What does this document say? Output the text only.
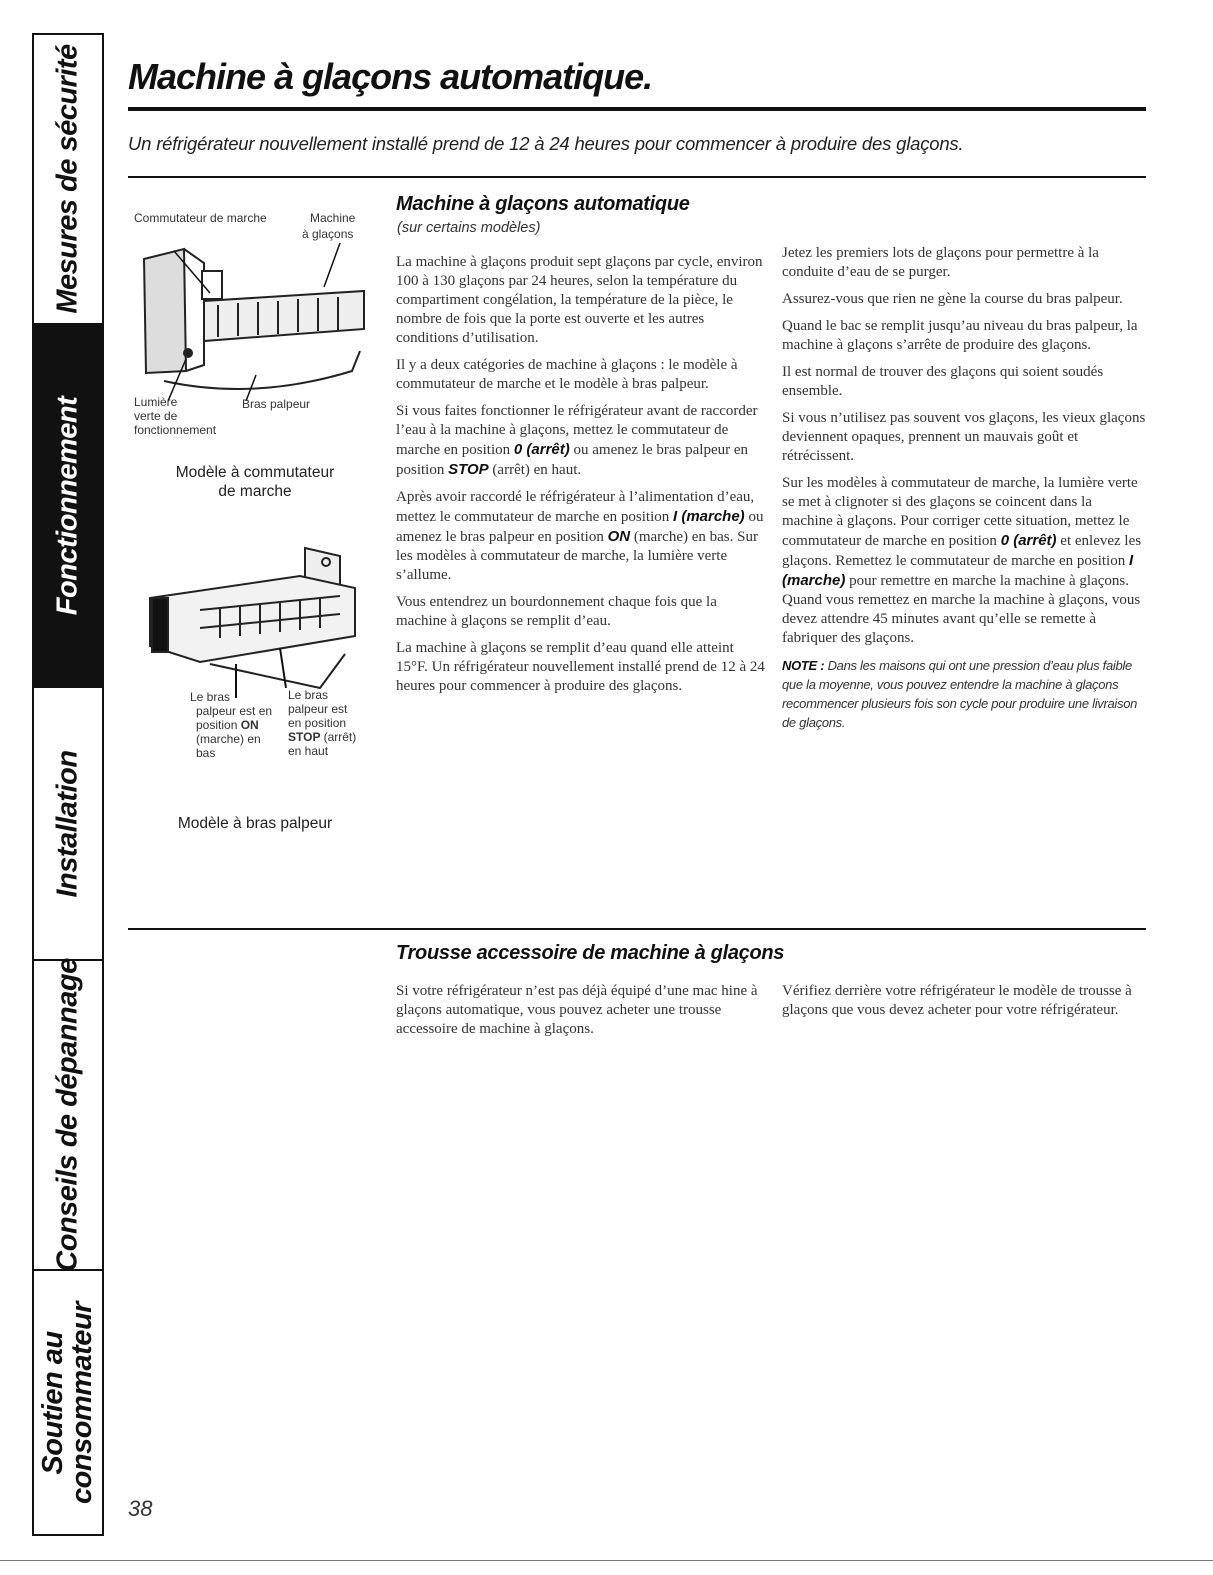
Mesures de sécurité
Fonctionnement
Installation
Conseils de dépannage
Soutien au
consommateur
Machine à glaçons automatique.
Un réfrigérateur nouvellement installé prend de 12 à 24 heures pour commencer à produire des glaçons.
Commutateur de marche	Machine
à glaçons
Lumière
verte de
fonctionnement
Bras palpeur
Modèle à commutateur
de marche
Le bras
palpeur est
en position
STOP (arrêt)
en haut
Le bras
palpeur est en
position ON
(marche) en
bas
Modèle à bras palpeur
Machine à glaçons automatique
(sur certains modèles)

La machine à glaçons produit sept glaçons par cycle, environ 100 à 130 glaçons par 24 heures, selon la température du compartiment congélation, la température de la pièce, le nombre de fois que la porte est ouverte et les autres conditions d’utilisation.

Il y a deux catégories de machine à glaçons : le modèle à commutateur de marche et le modèle à bras palpeur.

Si vous faites fonctionner le réfrigérateur avant de raccorder l’eau à la machine à glaçons, mettez le commutateur de marche en position 0 (arrêt) ou amenez le bras palpeur en position STOP (arrêt) en haut.

Après avoir raccordé le réfrigérateur à l’alimentation d’eau, mettez le commutateur de marche en position I (marche) ou amenez le bras palpeur en position ON (marche) en bas. Sur les modèles à commutateur de marche, la lumière verte s’allume.

Vous entendrez un bourdonnement chaque fois que la machine à glaçons se remplit d’eau.

La machine à glaçons se remplit d’eau quand elle atteint 15°F. Un réfrigérateur nouvellement installé prend de 12 à 24 heures pour commencer à produire des glaçons.

Jetez les premiers lots de glaçons pour permettre à la conduite d’eau de se purger.

Assurez-vous que rien ne gène la course du bras palpeur.

Quand le bac se remplit jusqu’au niveau du bras palpeur, la machine à glaçons s’arrête de produire des glaçons.

Il est normal de trouver des glaçons qui soient soudés ensemble.

Si vous n’utilisez pas souvent vos glaçons, les vieux glaçons deviennent opaques, prennent un mauvais goût et rétrécissent.

Sur les modèles à commutateur de marche, la lumière verte se met à clignoter si des glaçons se coincent dans la machine à glaçons. Pour corriger cette situation, mettez le commutateur de marche en position 0 (arrêt) et enlevez les glaçons. Remettez le commutateur de marche en position I (marche) pour remettre en marche la machine à glaçons. Quand vous remettez en marche la machine à glaçons, vous devez attendre 45 minutes avant qu’elle se remette à fabriquer des glaçons.

NOTE : Dans les maisons qui ont une pression d’eau plus faible que la moyenne, vous pouvez entendre la machine à glaçons recommencer plusieurs fois son cycle pour produire une livraison de glaçons.

Trousse accessoire de machine à glaçons

Si votre réfrigérateur n’est pas déjà équipé d’une mac hine à glaçons automatique, vous pouvez acheter une trousse accessoire de machine à glaçons.

Vérifiez derrière votre réfrigérateur le modèle de trousse à glaçons que vous devez acheter pour votre réfrigérateur.

38
